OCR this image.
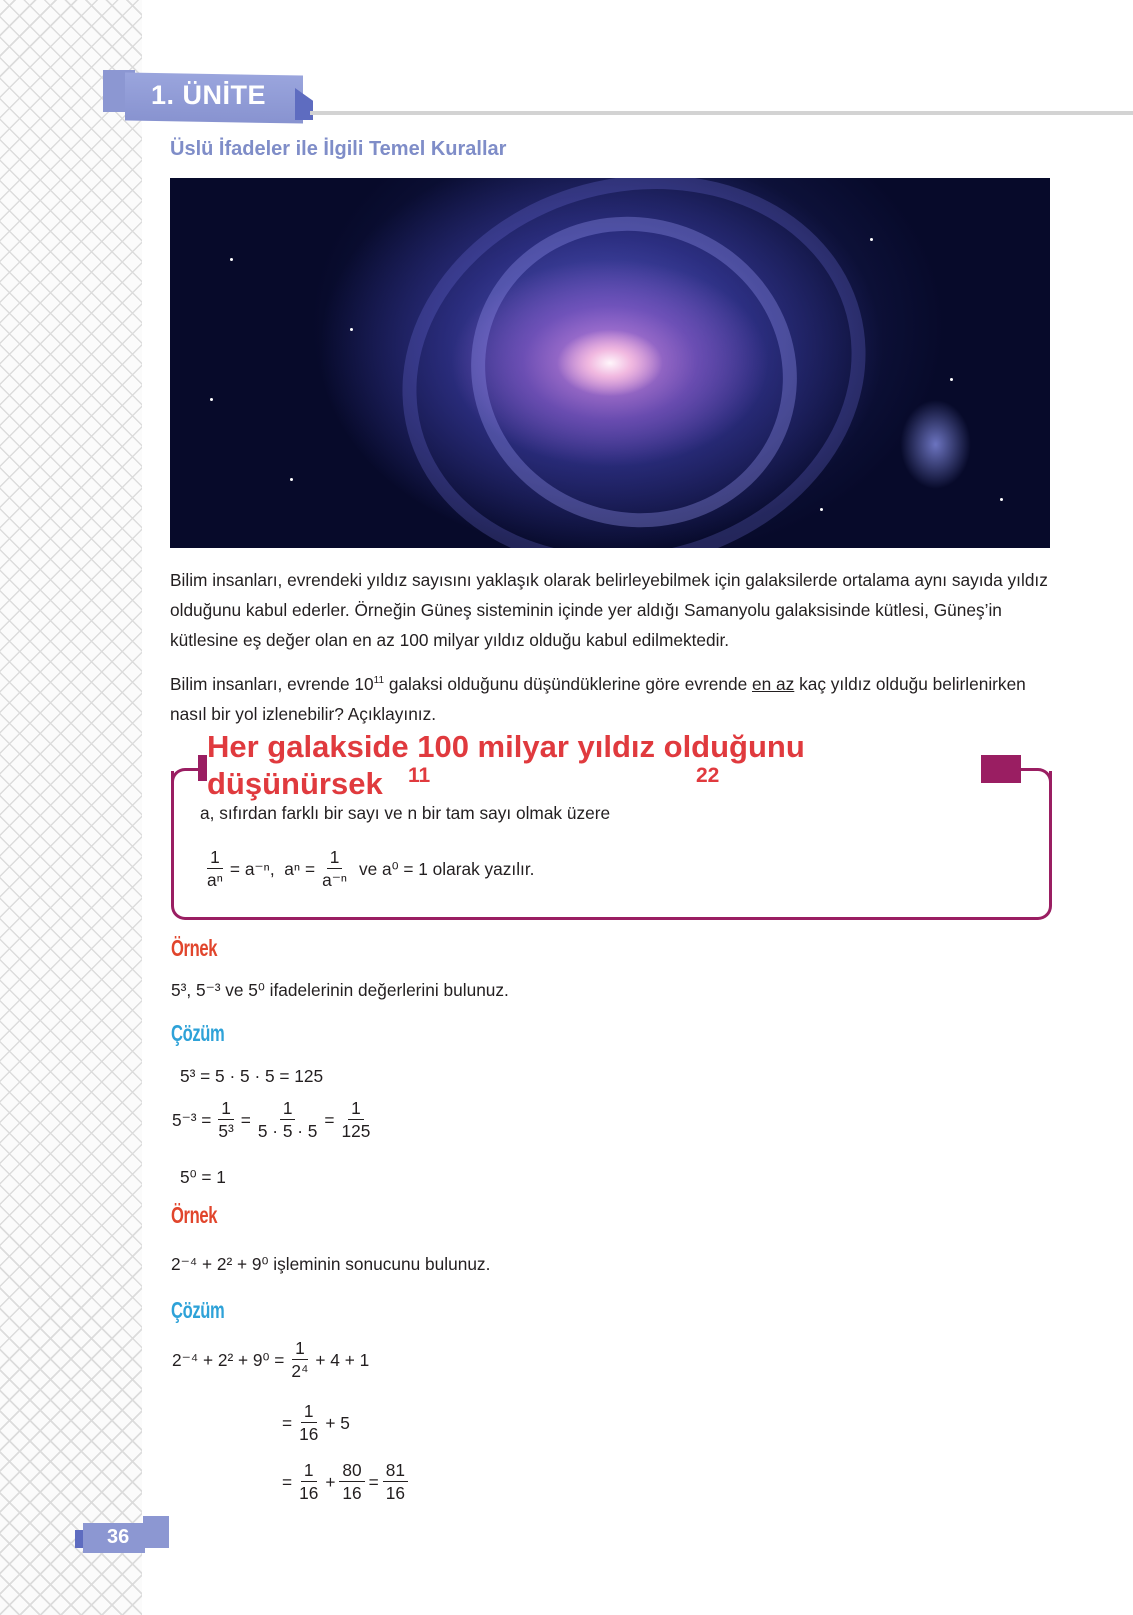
1. ÜNİTE
Üslü İfadeler ile İlgili Temel Kurallar

Bilim insanları, evrendeki yıldız sayısını yaklaşık olarak belirleyebilmek için galaksilerde ortalama aynı sayıda yıldız olduğunu kabul ederler. Örneğin Güneş sisteminin içinde yer aldığı Samanyolu galaksisinde kütlesi, Güneş’in kütlesine eş değer olan en az 100 milyar yıldız olduğu kabul edilmektedir.

Bilim insanları, evrende $10^{11}$ galaksi olduğunu düşündüklerine göre evrende en az kaç yıldız olduğu belirlenirken nasıl bir yol izlenebilir? Açıklayınız.

a, sıfırdan farklı bir sayı ve n bir tam sayı olmak üzere
$\frac{1}{\text{aⁿ}} = a^{-n}$,
$a^n = \frac{1}{\text{a⁻ⁿ}}$
ve a⁰ = 1 olarak yazılır.
Her galakside 100 milyar yıldız olduğunu
düşünürsek	11	22
Örnek
5³, 5⁻³ ve 5⁰ ifadelerinin değerlerini bulunuz.
Çözüm
5³ = 5 · 5 · 5 = 125
$5^{-3} = \frac{1}{\text{5³}} = \frac{1}{5 \cdot 5 \cdot 5} = \frac{1}{125}$
5⁰ = 1
Örnek
2⁻⁴ + 2² + 9⁰ işleminin sonucunu bulunuz.
Çözüm
$2^{-4} + 2^2 + 9^0 = \frac{1}{\text{2⁴}} + 4 + 1$
= $\frac{1}{16} + 5$
= $\frac{1}{16} + \frac{80}{16} = \frac{81}{16}$
36
